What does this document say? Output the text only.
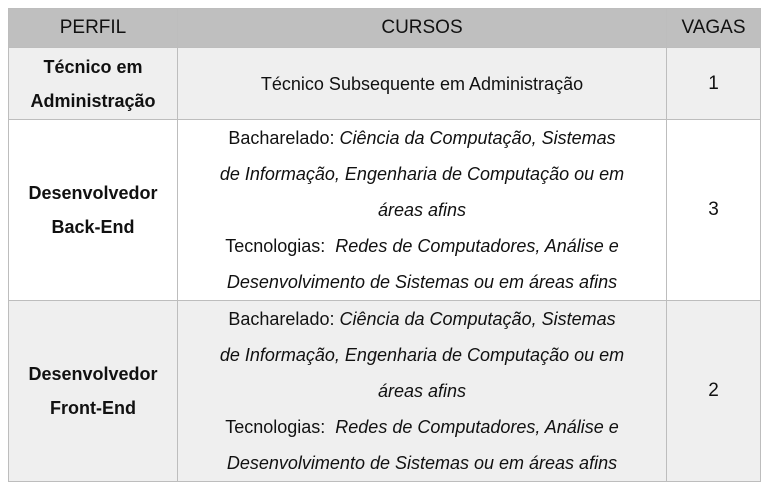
PERFIL	CURSOS	VAGAS

Técnico em
Administração	Técnico Subsequente em Administração	1

Desenvolvedor
Back-End	Bacharelado: Ciência da Computação, Sistemas
de Informação, Engenharia de Computação ou em
áreas afins
Tecnologias:  Redes de Computadores, Análise e
Desenvolvimento de Sistemas ou em áreas afins	3

Desenvolvedor
Front-End	Bacharelado: Ciência da Computação, Sistemas
de Informação, Engenharia de Computação ou em
áreas afins
Tecnologias:  Redes de Computadores, Análise e
Desenvolvimento de Sistemas ou em áreas afins	2
